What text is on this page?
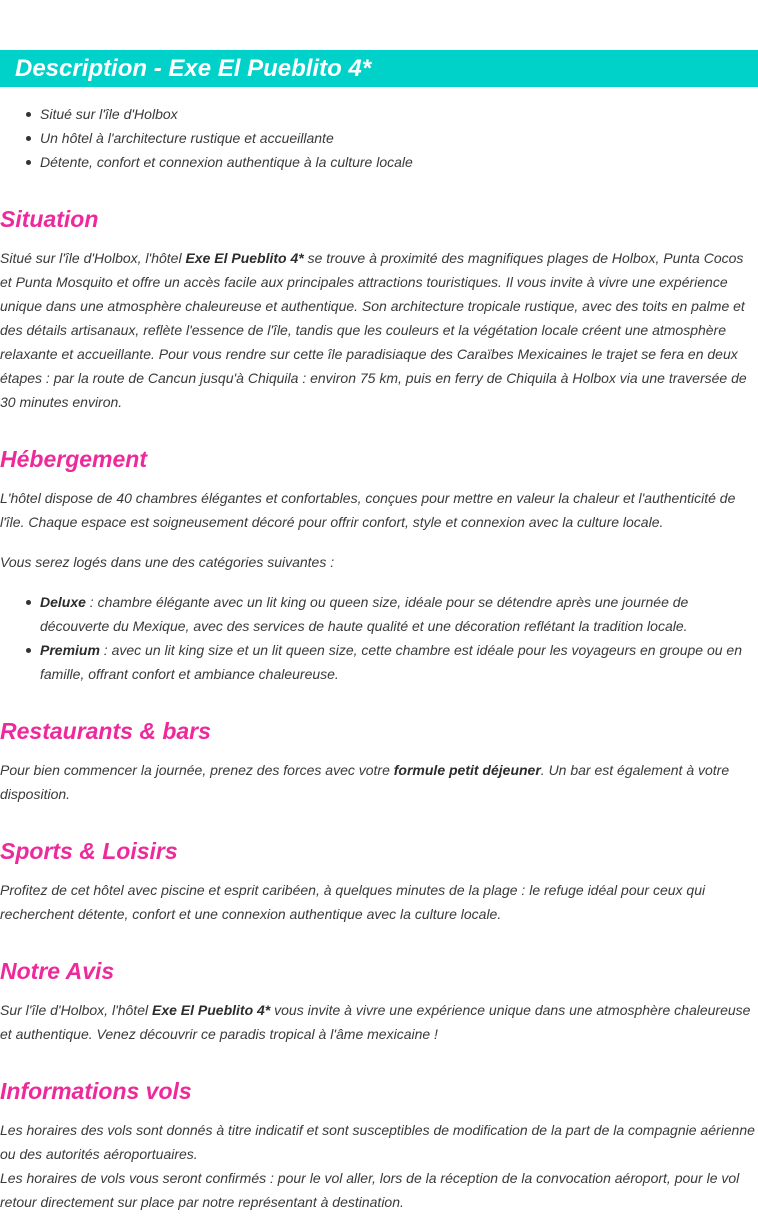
Description - Exe El Pueblito 4*
Situé sur l'île d'Holbox
Un hôtel à l'architecture rustique et accueillante
Détente, confort et connexion authentique à la culture locale
Situation

Situé sur l'île d'Holbox, l'hôtel Exe El Pueblito 4* se trouve à proximité des magnifiques plages de Holbox, Punta Cocos et Punta Mosquito et offre un accès facile aux principales attractions touristiques. Il vous invite à vivre une expérience unique dans une atmosphère chaleureuse et authentique. Son architecture tropicale rustique, avec des toits en palme et des détails artisanaux, reflète l'essence de l'île, tandis que les couleurs et la végétation locale créent une atmosphère relaxante et accueillante. Pour vous rendre sur cette île paradisiaque des Caraïbes Mexicaines le trajet se fera en deux étapes : par la route de Cancun jusqu'à Chiquila : environ 75 km, puis en ferry de Chiquila à Holbox via une traversée de 30 minutes environ.

Hébergement

L'hôtel dispose de 40 chambres élégantes et confortables, conçues pour mettre en valeur la chaleur et l'authenticité de l'île. Chaque espace est soigneusement décoré pour offrir confort, style et connexion avec la culture locale.

Vous serez logés dans une des catégories suivantes :

Deluxe : chambre élégante avec un lit king ou queen size, idéale pour se détendre après une journée de découverte du Mexique, avec des services de haute qualité et une décoration reflétant la tradition locale.
Premium : avec un lit king size et un lit queen size, cette chambre est idéale pour les voyageurs en groupe ou en famille, offrant confort et ambiance chaleureuse.
Restaurants & bars

Pour bien commencer la journée, prenez des forces avec votre formule petit déjeuner. Un bar est également à votre disposition.

Sports & Loisirs

Profitez de cet hôtel avec piscine et esprit caribéen, à quelques minutes de la plage : le refuge idéal pour ceux qui recherchent détente, confort et une connexion authentique avec la culture locale.

Notre Avis

Sur l'île d'Holbox, l'hôtel Exe El Pueblito 4* vous invite à vivre une expérience unique dans une atmosphère chaleureuse et authentique. Venez découvrir ce paradis tropical à l'âme mexicaine !

Informations vols

Les horaires des vols sont donnés à titre indicatif et sont susceptibles de modification de la part de la compagnie aérienne ou des autorités aéroportuaires.
Les horaires de vols vous seront confirmés : pour le vol aller, lors de la réception de la convocation aéroport, pour le vol retour directement sur place par notre représentant à destination.
